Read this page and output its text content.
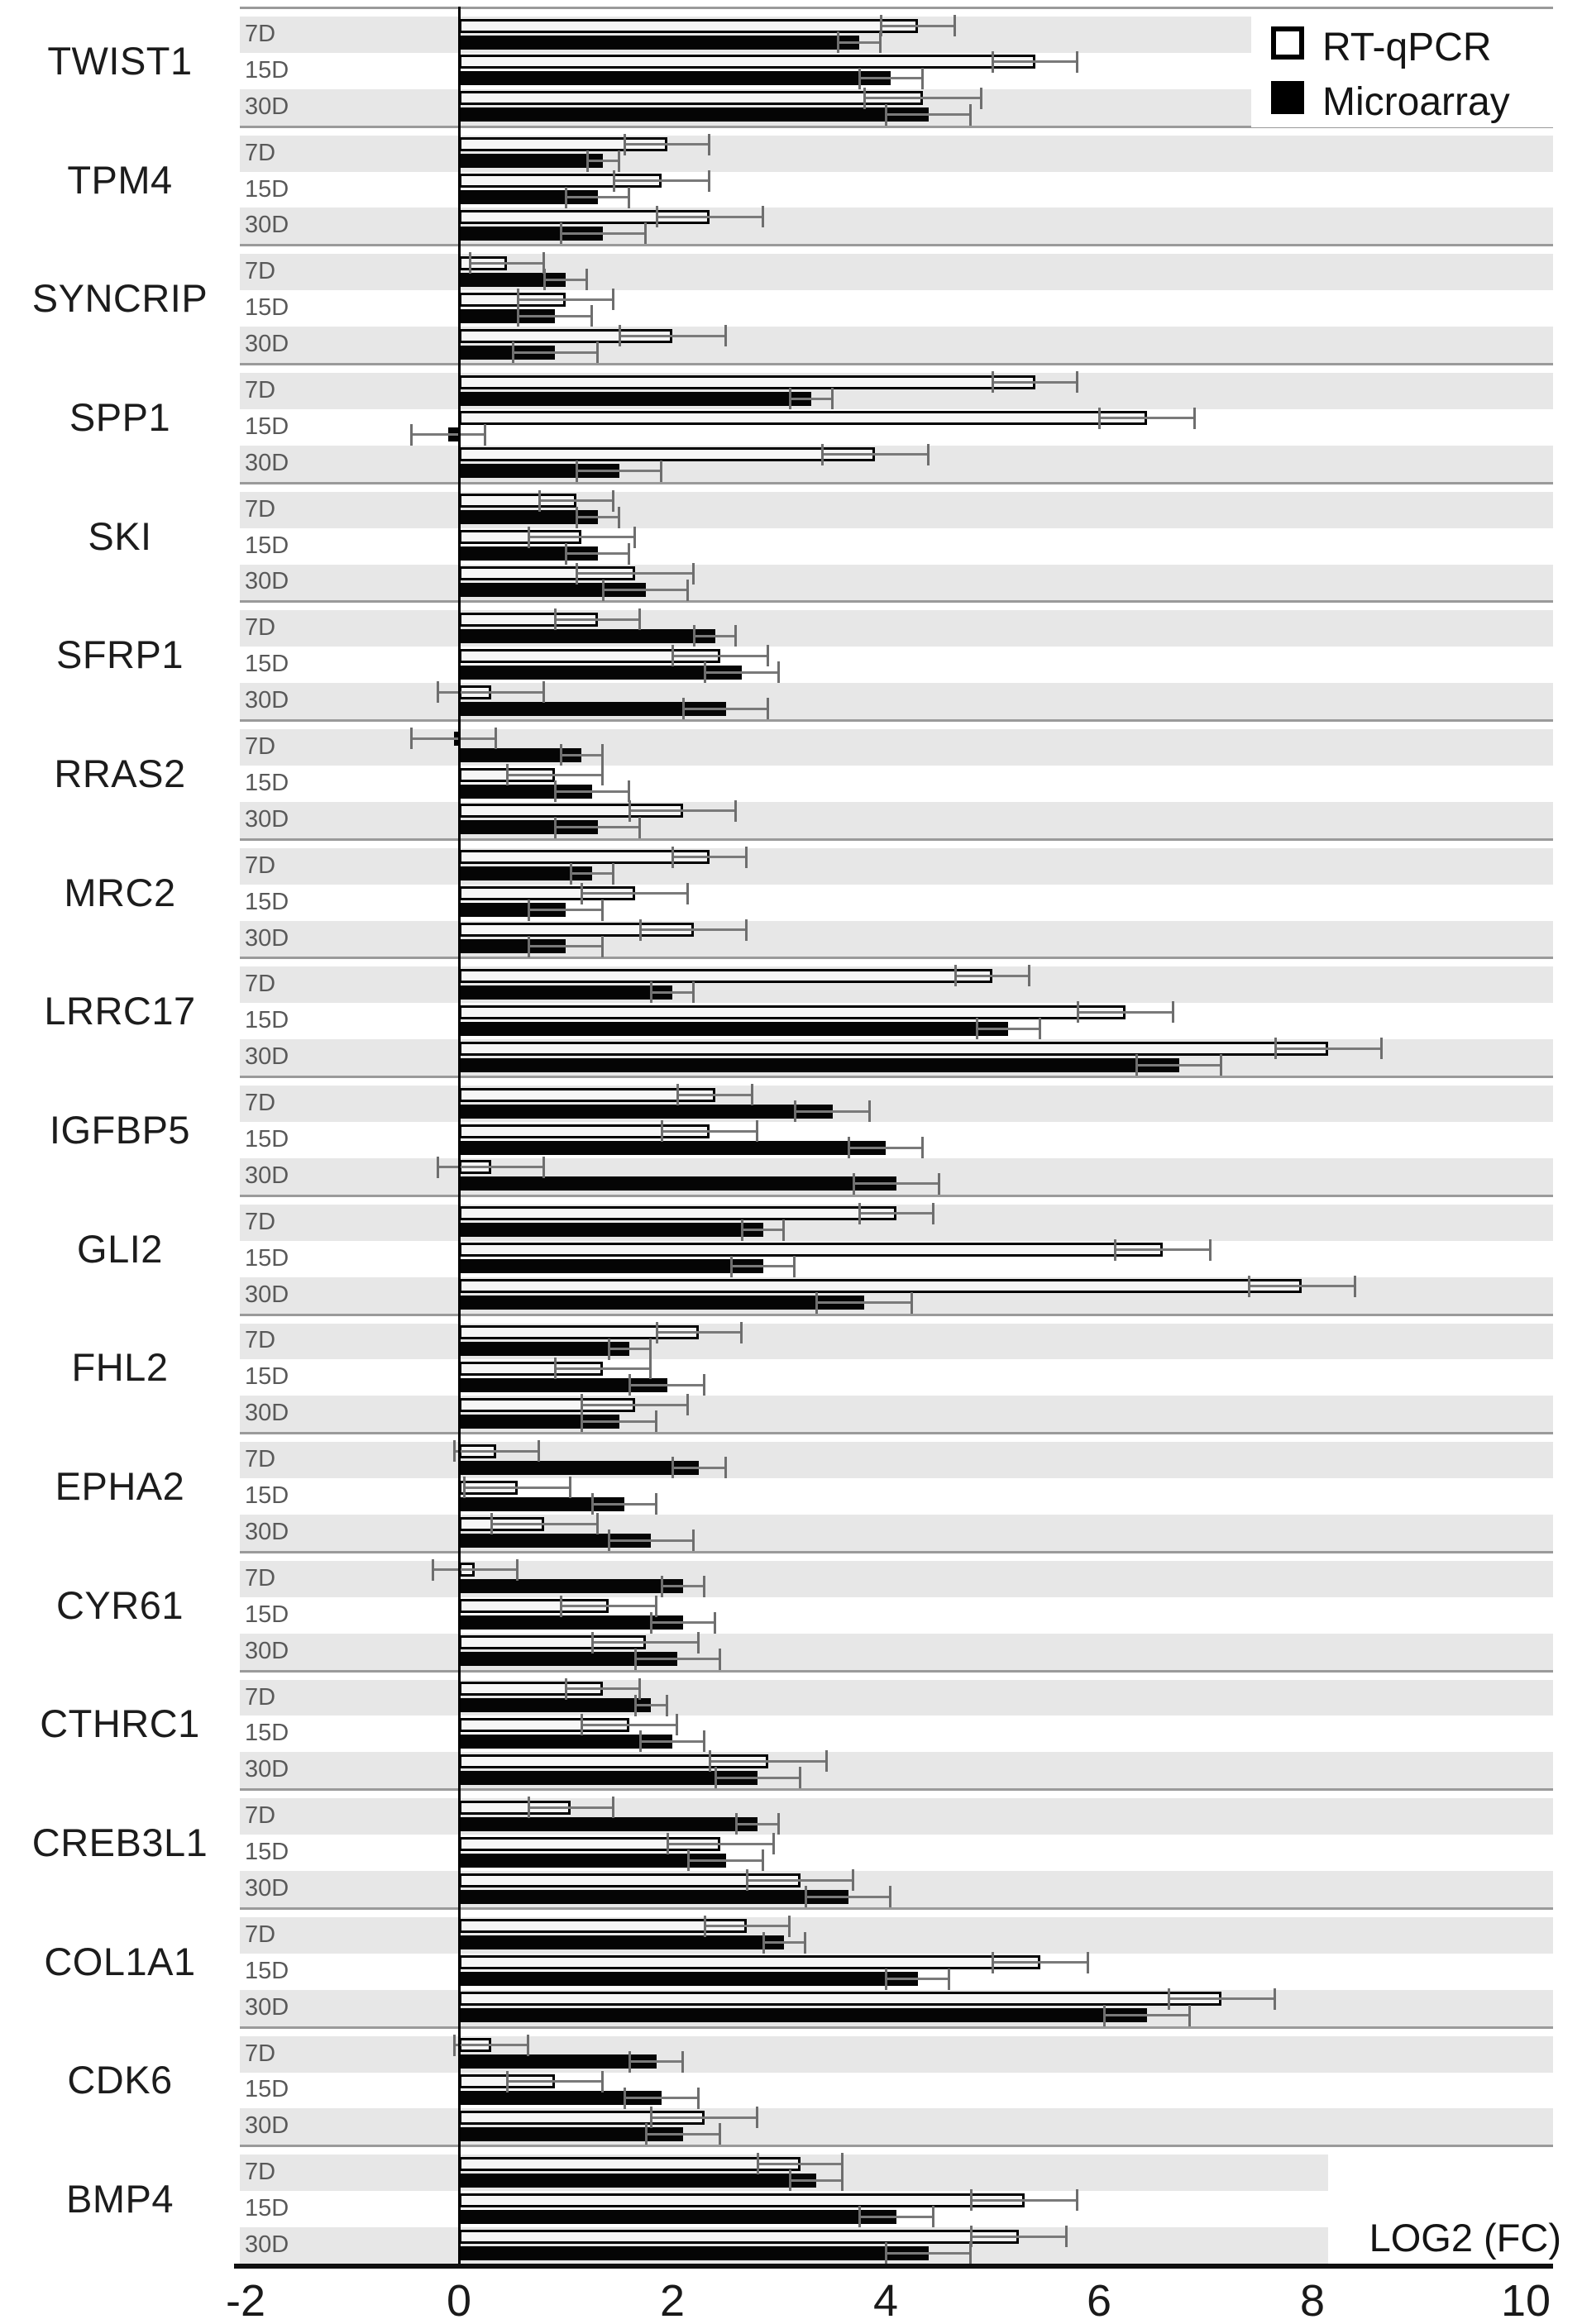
RT-qPCR
Microarray
LOG2 (FC)
TWIST1
7D
15D
30D
TPM4
7D
15D
30D
SYNCRIP
7D
15D
30D
SPP1
7D
15D
30D
SKI
7D
15D
30D
SFRP1
7D
15D
30D
RRAS2
7D
15D
30D
MRC2
7D
15D
30D
LRRC17
7D
15D
30D
IGFBP5
7D
15D
30D
GLI2
7D
15D
30D
FHL2
7D
15D
30D
EPHA2
7D
15D
30D
CYR61
7D
15D
30D
CTHRC1
7D
15D
30D
CREB3L1
7D
15D
30D
COL1A1
7D
15D
30D
CDK6
7D
15D
30D
BMP4
7D
15D
30D
-2	0	2	4	6	8	10
